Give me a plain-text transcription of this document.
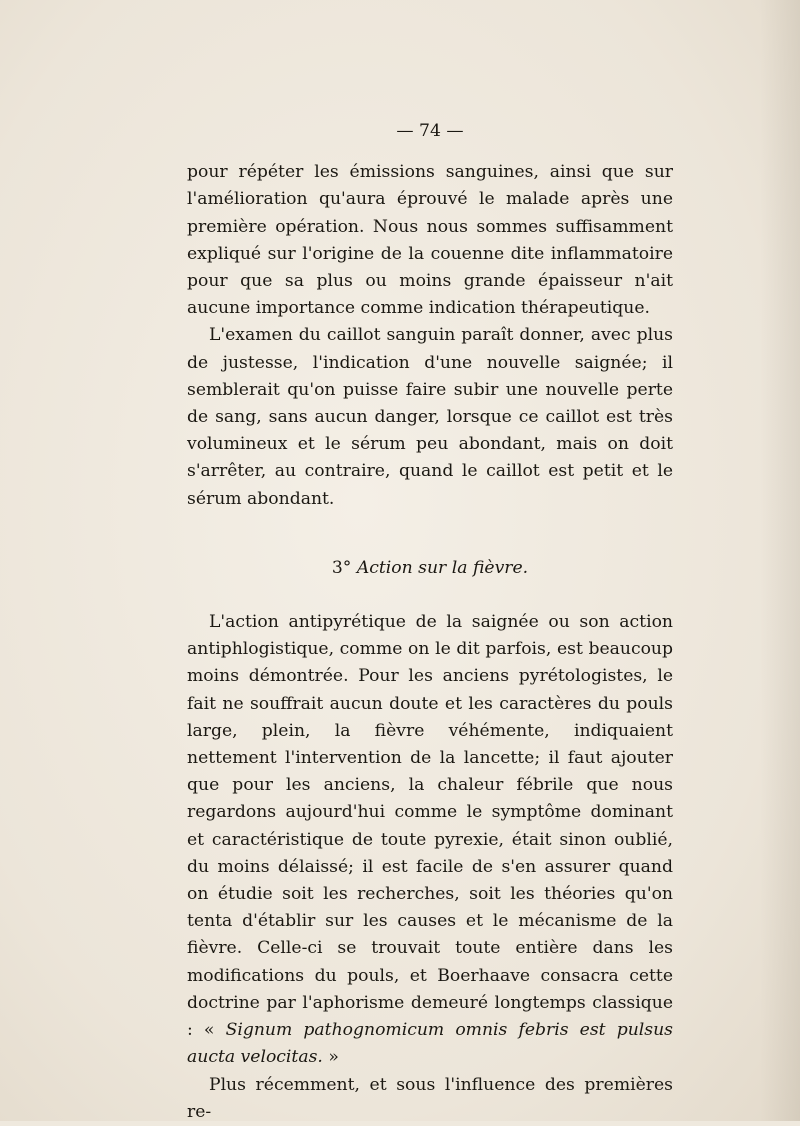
— 74 —

pour répéter les émissions sanguines, ainsi que sur l'amélioration qu'aura éprouvé le malade après une première opération. Nous nous sommes suffisamment expliqué sur l'origine de la couenne dite inflammatoire pour que sa plus ou moins grande épaisseur n'ait aucune importance comme indication thérapeutique.

L'examen du caillot sanguin paraît donner, avec plus de justesse, l'indication d'une nouvelle saignée; il semblerait qu'on puisse faire subir une nouvelle perte de sang, sans aucun danger, lorsque ce caillot est très volumineux et le sérum peu abondant, mais on doit s'arrêter, au contraire, quand le caillot est petit et le sérum abondant.

3° Action sur la fièvre.

L'action antipyrétique de la saignée ou son action antiphlogistique, comme on le dit parfois, est beaucoup moins démontrée. Pour les anciens pyrétologistes, le fait ne souffrait aucun doute et les caractères du pouls large, plein, la fièvre véhémente, indiquaient nettement l'intervention de la lancette; il faut ajouter que pour les anciens, la chaleur fébrile que nous regardons aujourd'hui comme le symptôme dominant et caractéristique de toute pyrexie, était sinon oublié, du moins délaissé; il est facile de s'en assurer quand on étudie soit les recherches, soit les théories qu'on tenta d'établir sur les causes et le mécanisme de la fièvre. Celle-ci se trouvait toute entière dans les modifications du pouls, et Boerhaave consacra cette doctrine par l'aphorisme demeuré longtemps classique : « Signum pathognomicum omnis febris est pulsus aucta velocitas. »

Plus récemment, et sous l'influence des premières re-
